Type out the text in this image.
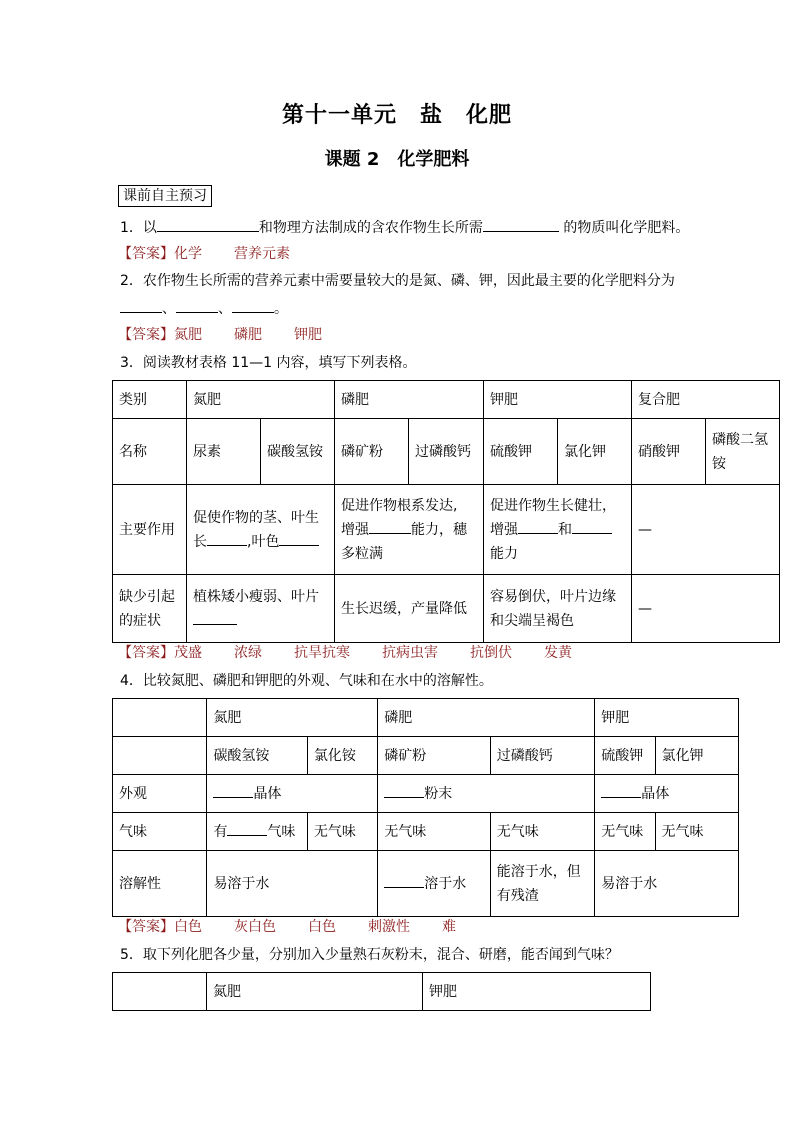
第十一单元　盐　化肥
课题 2　化学肥料
课前自主预习
1．以	和物理方法制成的含农作物生长所需	的物质叫化学肥料。
【答案】化学 营养元素
2．农作物生长所需的营养元素中需要量较大的是氮、磷、钾，因此最主要的化学肥料分为
、	、	。
【答案】氮肥 磷肥 钾肥
3．阅读教材表格 11—1 内容，填写下列表格。
类别	氮肥		磷肥		钾肥		复合肥	
名称	尿素	碳酸氢铵	磷矿粉	过磷酸钙	硫酸钾	氯化钾	硝酸钾	磷酸二氢铵
主要作用	促使作物的茎、叶生
长 ,叶色		促进作物根系发达,
增强 能力，穗
多粒满		促进作物生长健壮，
增强 和
能力		—	
缺少引起的症状	植株矮小瘦弱、叶片		生长迟缓，产量降低		容易倒伏，叶片边缘
和尖端呈褐色		—	
【答案】茂盛 浓绿 抗旱抗寒 抗病虫害 抗倒伏 发黄
4．比较氮肥、磷肥和钾肥的外观、气味和在水中的溶解性。
	氮肥		磷肥		钾肥	
	碳酸氢铵	氯化铵	磷矿粉	过磷酸钙	硫酸钾	氯化钾
外观	晶体		粉末		晶体	
气味	有 气味	无气味	无气味	无气味	无气味	无气味
溶解性	易溶于水		溶于水	能溶于水，但
有残渣	易溶于水	
【答案】白色 灰白色 白色 刺激性 难
5．取下列化肥各少量，分别加入少量熟石灰粉末，混合、研磨，能否闻到气味？
	氮肥	钾肥
